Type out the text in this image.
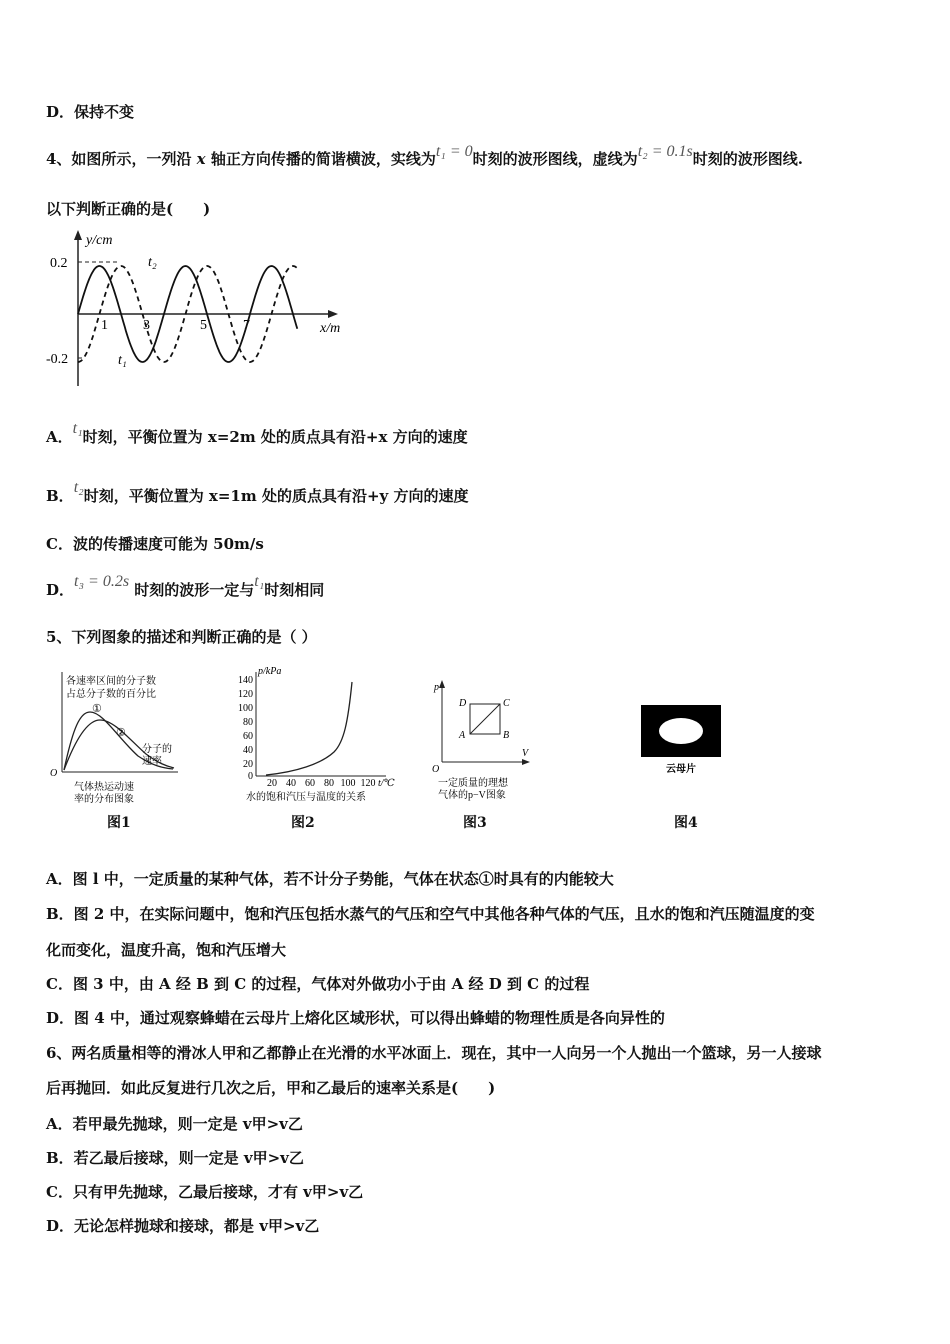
D．保持不变
4、如图所示，一列沿 x 轴正方向传播的简谐横波，实线为t₁ = 0时刻的波形图线，虚线为t₂ = 0.1s时刻的波形图线.
以下判断正确的是(　　)
y/cm
x/m
0.2
-0.2
1	3	5	7
t₂
t₁
A．t₁时刻，平衡位置为 x=2m 处的质点具有沿+x 方向的速度
B．t₂时刻，平衡位置为 x=1m 处的质点具有沿+y 方向的速度
C．波的传播速度可能为 50m/s
D．t₃ = 0.2s 时刻的波形一定与t₁时刻相同
5、下列图象的描述和判断正确的是（ ）
各速率区间的分子数
占总分子数的百分比
①
②
分子的
速率
O
气体热运动速
率的分布图象
图1
p/kPa
140
120
100
80
60
40
20
0
20 40 60 80 100 120 t/℃
水的饱和汽压与温度的关系
图2
p
V
O
A	B
C
D
一定质量的理想
气体的p−V图象
图3
云母片
图4
A．图 l 中，一定质量的某种气体，若不计分子势能，气体在状态①时具有的内能较大
B．图 2 中，在实际问题中，饱和汽压包括水蒸气的气压和空气中其他各种气体的气压，且水的饱和汽压随温度的变
化而变化，温度升高，饱和汽压增大
C．图 3 中，由 A 经 B 到 C 的过程，气体对外做功小于由 A 经 D 到 C 的过程
D．图 4 中，通过观察蜂蜡在云母片上熔化区域形状，可以得出蜂蜡的物理性质是各向异性的
6、两名质量相等的滑冰人甲和乙都静止在光滑的水平冰面上．现在，其中一人向另一个人抛出一个篮球，另一人接球
后再抛回．如此反复进行几次之后，甲和乙最后的速率关系是(　　)
A．若甲最先抛球，则一定是 v甲>v乙
B．若乙最后接球，则一定是 v甲>v乙
C．只有甲先抛球，乙最后接球，才有 v甲>v乙
D．无论怎样抛球和接球，都是 v甲>v乙
